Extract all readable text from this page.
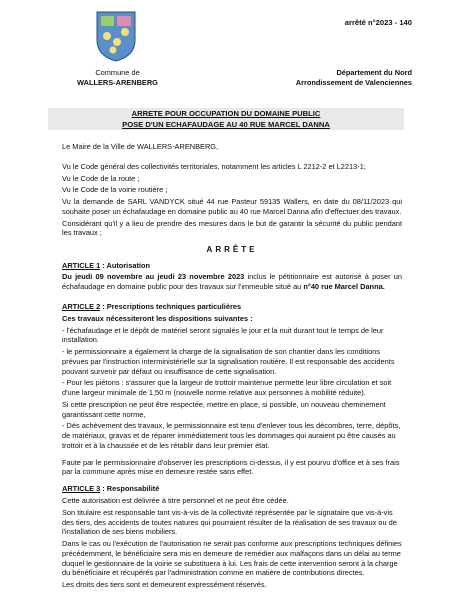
arrêté n°2023 - 140
Commune de
WALLERS-ARENBERG
Département du Nord
Arrondissement de Valenciennes
ARRETE POUR OCCUPATION DU DOMAINE PUBLIC
POSE D'UN ECHAFAUDAGE AU 40 RUE MARCEL DANNA
Le Maire de la Ville de WALLERS-ARENBERG,
Vu le Code général des collectivités territoriales, notamment les articles L 2212-2 et L2213-1;
Vu le Code de la route ;
Vu le Code de la voirie routière ;
Vu la demande de SARL VANDYCK situé 44 rue Pasteur 59135 Wallers, en date du 08/11/2023 qui souhaite poser un échafaudage en domaine public au 40 rue Marcel Danna afin d'effectuer des travaux.
Considérant qu'il y a lieu de prendre des mesures dans le but de garantir la sécurité du public pendant les travaux ;
ARRÊTE
ARTICLE 1 : Autorisation
Du jeudi 09 novembre au jeudi 23 novembre 2023 inclus le pétitionnaire est autorisé à poser un échafaudage en domaine public pour des travaux sur l'immeuble situé au n°40 rue Marcel Danna.
ARTICLE 2 : Prescriptions techniques particulières
Ces travaux nécessiteront les dispositions suivantes :
- l'échafaudage et le dépôt de matériel seront signalés le jour et la nuit durant tout le temps de leur installation.
- le permissionnaire a également la charge de la signalisation de son chantier dans les conditions prévues par l'instruction interministérielle sur la signalisation routière. Il est responsable des accidents pouvant survenir par défaut ou insuffisance de cette signalisation.
- Pour les piétons : s'assurer que la largeur de trottoir maintenue permette leur libre circulation et soit d'une largeur minimale de 1,50 m (nouvelle norme relative aux personnes à mobilité réduite).
Si cette prescription ne peut être respectée, mettre en place, si possible, un nouveau cheminement garantissant cette norme,
- Dès achèvement des travaux, le permissionnaire est tenu d'enlever tous les décombres, terre, dépôts, de matériaux, gravas et de réparer immédiatement tous les dommages qui auraient pu être causés au trottoir et à la chaussée et de les rétablir dans leur premier état.
Faute par le permissionnaire d'observer les prescriptions ci-dessus, il y est pourvu d'office et à ses frais par la commune après mise en demeure restée sans effet.
ARTICLE 3 : Responsabilité
Cette autorisation est délivrée à titre personnel et ne peut être cédée.
Son titulaire est responsable tant vis-à-vis de la collectivité représentée par le signataire que vis-à-vis des tiers, des accidents de toutes natures qui pourraient résulter de la réalisation de ses travaux ou de l'installation de ses biens mobiliers.
Dans le cas ou l'exécution de l'autorisation ne serait pas conforme aux prescriptions techniques définies précédemment, le bénéficiaire sera mis en demeure de remédier aux malfaçons dans un délai au terme duquel le gestionnaire de la voirie se substituera à lui. Les frais de cette intervention seront à la charge du bénéficiaire et récupérés par l'administration comme en matière de contributions directes.
Les droits des tiers sont et demeurent expressément réservés.
